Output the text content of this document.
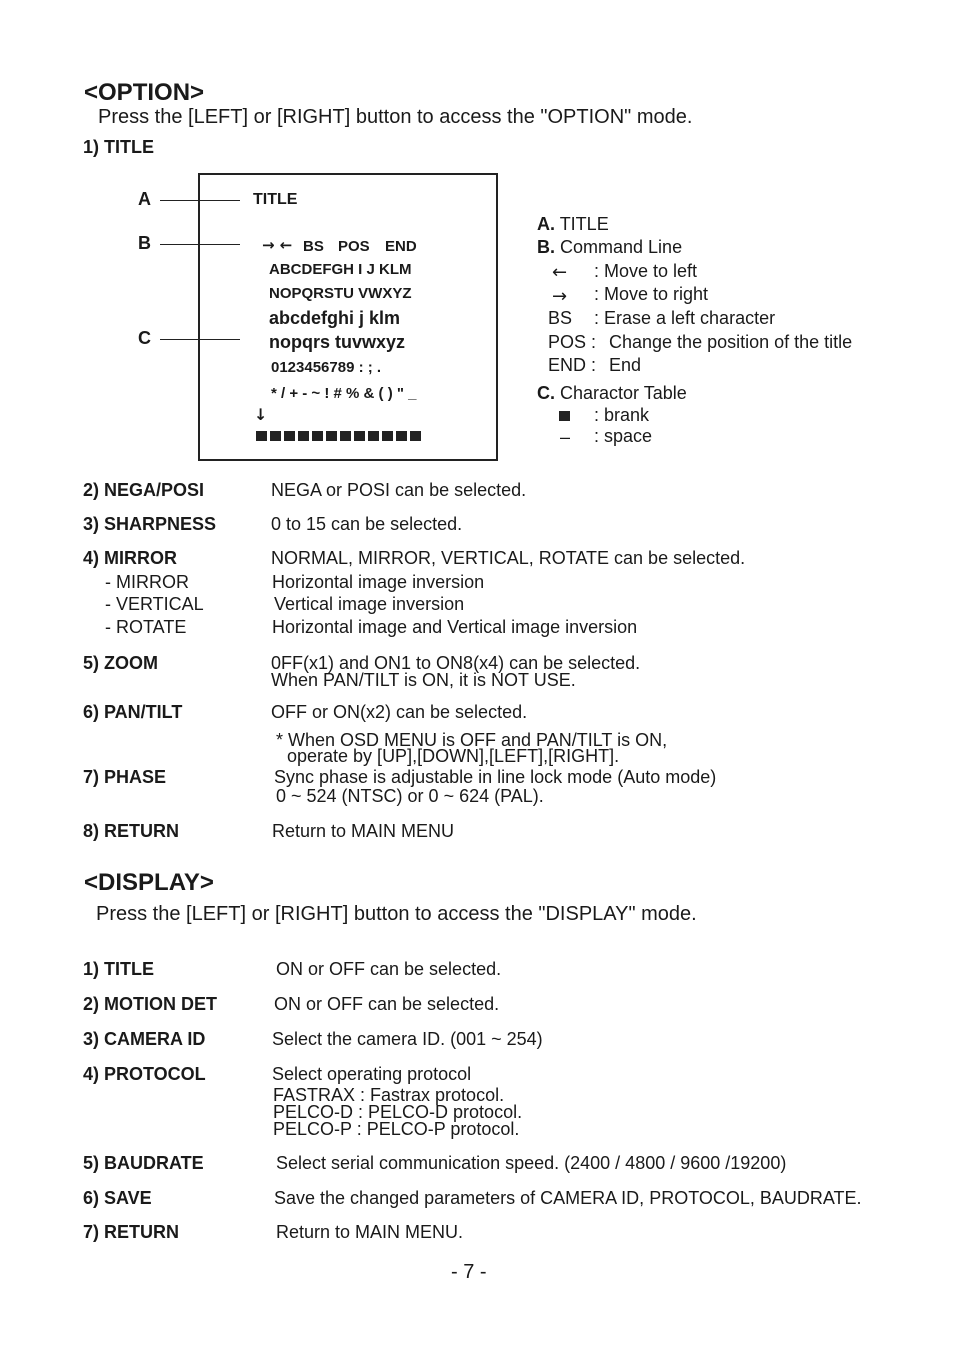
<OPTION>
Press the [LEFT] or [RIGHT] button to access the "OPTION" mode.
1) TITLE
A
B
C
TITLE
→ ← BS POS END
ABCDEFGH I J KLM
NOPQRSTU VWXYZ
abcdefghi j klm
nopqrs tuvwxyz
0123456789 : ; .
* / + - ~ ! # % & ( ) " _
↓
A. TITLE
B. Command Line
← : Move to left
→ : Move to right
BS : Erase a left character
POS : Change the position of the title
END : End
C. Charactor Table
: brank
– : space
2) NEGA/POSI	NEGA or POSI can be selected.
3) SHARPNESS	0 to 15 can be selected.
4) MIRROR	NORMAL, MIRROR, VERTICAL, ROTATE can be selected.
- MIRROR	Horizontal image inversion
- VERTICAL	Vertical image inversion
- ROTATE	Horizontal image and Vertical image inversion
5) ZOOM	0FF(x1) and ON1 to ON8(x4) can be selected.
When PAN/TILT is ON, it is NOT USE.
6) PAN/TILT	OFF or ON(x2) can be selected.
* When OSD MENU is OFF and PAN/TILT is ON,
operate by [UP],[DOWN],[LEFT],[RIGHT].
7) PHASE	Sync phase is adjustable in line lock mode (Auto mode)
0 ~ 524 (NTSC) or 0 ~ 624 (PAL).
8) RETURN	Return to MAIN MENU
<DISPLAY>
Press the [LEFT] or [RIGHT] button to access the "DISPLAY" mode.
1) TITLE	ON or OFF can be selected.
2) MOTION DET	ON or OFF can be selected.
3) CAMERA ID	Select the camera ID. (001 ~ 254)
4) PROTOCOL	Select operating protocol
FASTRAX : Fastrax protocol.
PELCO-D : PELCO-D protocol.
PELCO-P : PELCO-P protocol.
5) BAUDRATE	Select serial communication speed. (2400 / 4800 / 9600 /19200)
6) SAVE	Save the changed parameters of CAMERA ID, PROTOCOL, BAUDRATE.
7) RETURN	Return to MAIN MENU.
- 7 -
